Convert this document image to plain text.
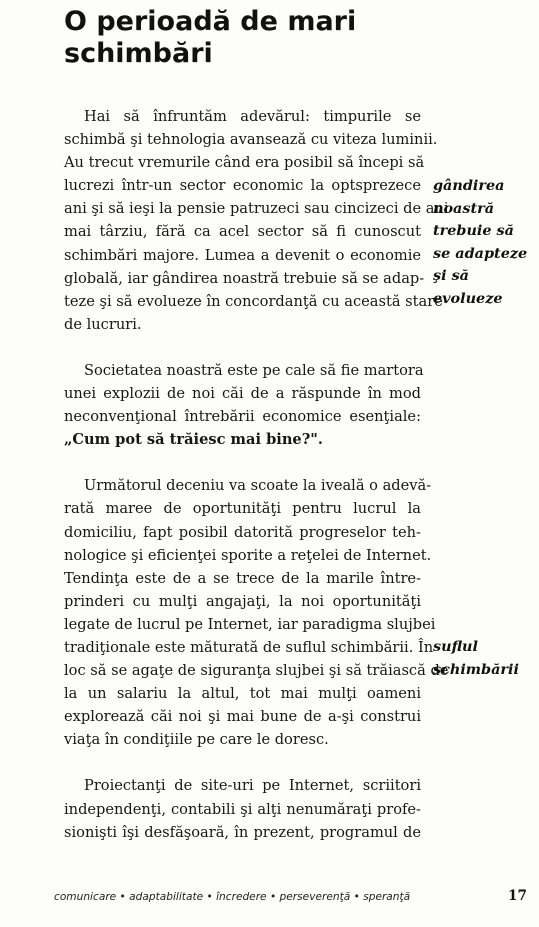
O perioadă de mari
schimbări

Hai să înfruntăm adevărul: timpurile se
schimbă şi tehnologia avansează cu viteza luminii.
Au trecut vremurile când era posibil să începi să
lucrezi într-un sector economic la optsprezece
ani şi să ieşi la pensie patruzeci sau cincizeci de ani
mai târziu, fără ca acel sector să fi cunoscut
schimbări majore. Lumea a devenit o economie
globală, iar gândirea noastră trebuie să se adap-
teze şi să evolueze în concordanţă cu această stare
de lucruri.

Societatea noastră este pe cale să fie martora
unei explozii de noi căi de a răspunde în mod
neconvenţional întrebării economice esenţiale:
„Cum pot să trăiesc mai bine?".

Următorul deceniu va scoate la iveală o adevă-
rată maree de oportunităţi pentru lucrul la
domiciliu, fapt posibil datorită progreselor teh-
nologice şi eficienţei sporite a reţelei de Internet.
Tendinţa este de a se trece de la marile între-
prinderi cu mulţi angajaţi, la noi oportunităţi
legate de lucrul pe Internet, iar paradigma slujbei
tradiţionale este măturată de suflul schimbării. În
loc să se agaţe de siguranţa slujbei şi să trăiască de
la un salariu la altul, tot mai mulţi oameni
explorează căi noi şi mai bune de a-şi construi
viaţa în condiţiile pe care le doresc.

Proiectanţi de site-uri pe Internet, scriitori
independenţi, contabili şi alţi nenumăraţi profe-
sionişti îşi desfăşoară, în prezent, programul de

gândirea
noastră
trebuie să
se adapteze
şi să
evolueze
suflul
schimbării
comunicare • adaptabilitate • încredere • perseverenţă • speranţă	17
